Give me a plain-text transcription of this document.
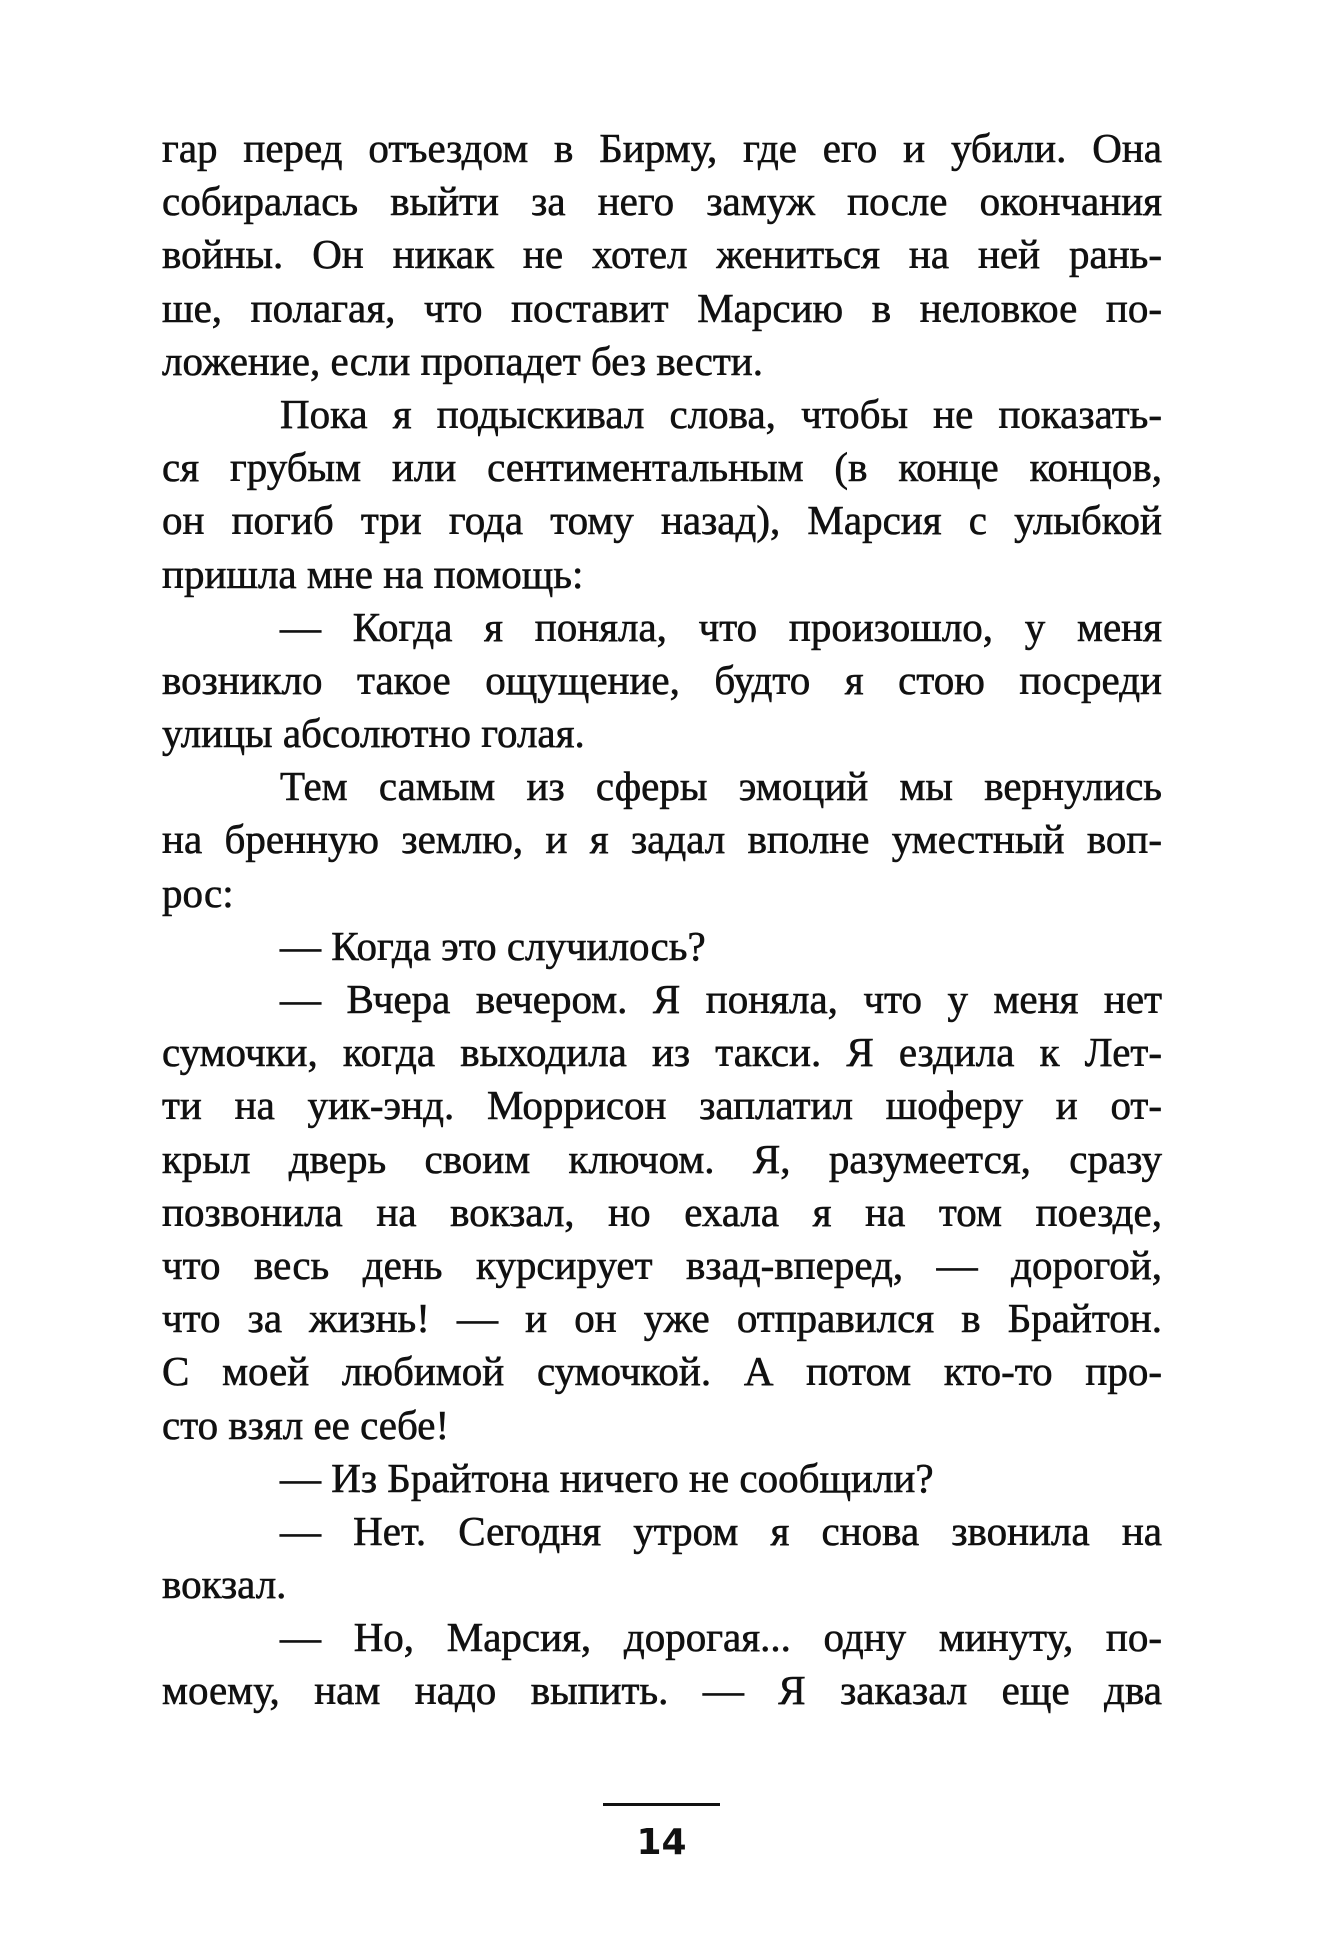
гар перед отъездом в Бирму, где его и убили. Она
собиралась выйти за него замуж после окончания
войны. Он никак не хотел жениться на ней рань-
ше, полагая, что поставит Марсию в неловкое по-
ложение, если пропадет без вести.
Пока я подыскивал слова, чтобы не показать-
ся грубым или сентиментальным (в конце концов,
он погиб три года тому назад), Марсия с улыбкой
пришла мне на помощь:
— Когда я поняла, что произошло, у меня
возникло такое ощущение, будто я стою посреди
улицы абсолютно голая.
Тем самым из сферы эмоций мы вернулись
на бренную землю, и я задал вполне уместный воп-
рос:
— Когда это случилось?
— Вчера вечером. Я поняла, что у меня нет
сумочки, когда выходила из такси. Я ездила к Лет-
ти на уик-энд. Моррисон заплатил шоферу и от-
крыл дверь своим ключом. Я, разумеется, сразу
позвонила на вокзал, но ехала я на том поезде,
что весь день курсирует взад-вперед, — дорогой,
что за жизнь! — и он уже отправился в Брайтон.
С моей любимой сумочкой. А потом кто-то про-
сто взял ее себе!
— Из Брайтона ничего не сообщили?
— Нет. Сегодня утром я снова звонила на
вокзал.
— Но, Марсия, дорогая... одну минуту, по-
моему, нам надо выпить. — Я заказал еще два
14
